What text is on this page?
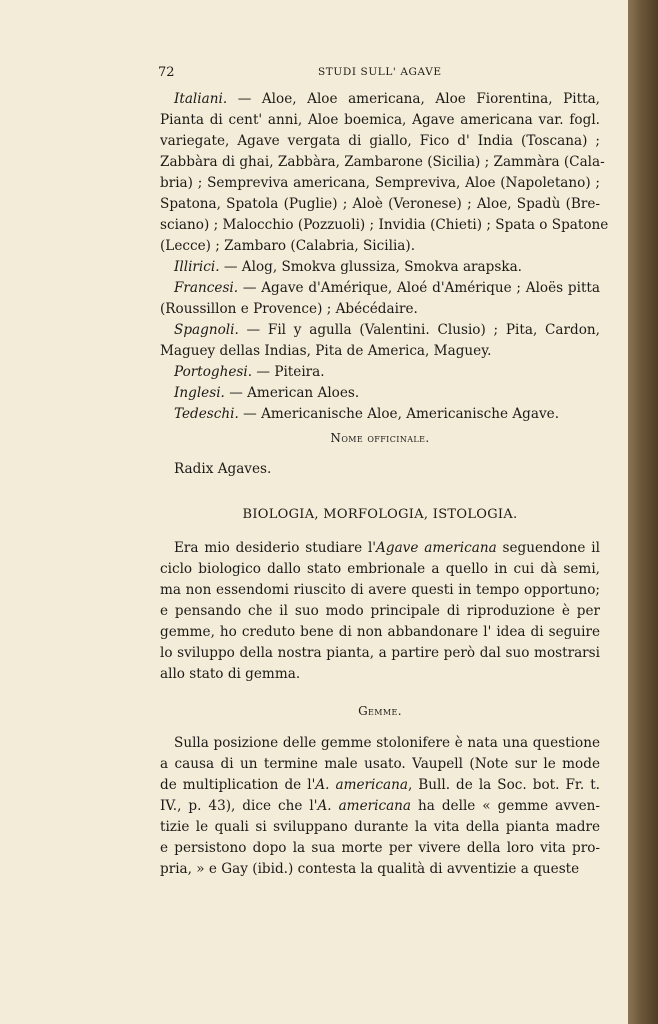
72	STUDI SULL' AGAVE

Italiani. — Aloe, Aloe americana, Aloe Fiorentina, Pitta,

Pianta di cent' anni, Aloe boemica, Agave americana var. fogl.

variegate, Agave vergata di giallo, Fico d' India (Toscana) ;

Zabbàra di ghai, Zabbàra, Zambarone (Sicilia) ; Zammàra (Cala-

bria) ; Sempreviva americana, Sempreviva, Aloe (Napoletano) ;

Spatona, Spatola (Puglie) ; Aloè (Veronese) ; Aloe, Spadù (Bre-

sciano) ; Malocchio (Pozzuoli) ; Invidia (Chieti) ; Spata o Spatone

(Lecce) ; Zambaro (Calabria, Sicilia).

Illirici. — Alog, Smokva glussiza, Smokva arapska.

Francesi. — Agave d'Amérique, Aloé d'Amérique ; Aloës pitta

(Roussillon e Provence) ; Abécédaire.

Spagnoli. — Fil y agulla (Valentini. Clusio) ; Pita, Cardon,

Maguey dellas Indias, Pita de America, Maguey.

Portoghesi. — Piteira.

Inglesi. — American Aloes.

Tedeschi. — Americanische Aloe, Americanische Agave.

Nome officinale.

Radix Agaves.

BIOLOGIA, MORFOLOGIA, ISTOLOGIA.

Era mio desiderio studiare l'Agave americana seguendone il

ciclo biologico dallo stato embrionale a quello in cui dà semi,

ma non essendomi riuscito di avere questi in tempo opportuno;

e pensando che il suo modo principale di riproduzione è per

gemme, ho creduto bene di non abbandonare l' idea di seguire

lo sviluppo della nostra pianta, a partire però dal suo mostrarsi

allo stato di gemma.

Gemme.

Sulla posizione delle gemme stolonifere è nata una questione

a causa di un termine male usato. Vaupell (Note sur le mode

de multiplication de l'A. americana, Bull. de la Soc. bot. Fr. t.

IV., p. 43), dice che l'A. americana ha delle « gemme avven-

tizie le quali si sviluppano durante la vita della pianta madre

e persistono dopo la sua morte per vivere della loro vita pro-

pria, » e Gay (ibid.) contesta la qualità di avventizie a queste
